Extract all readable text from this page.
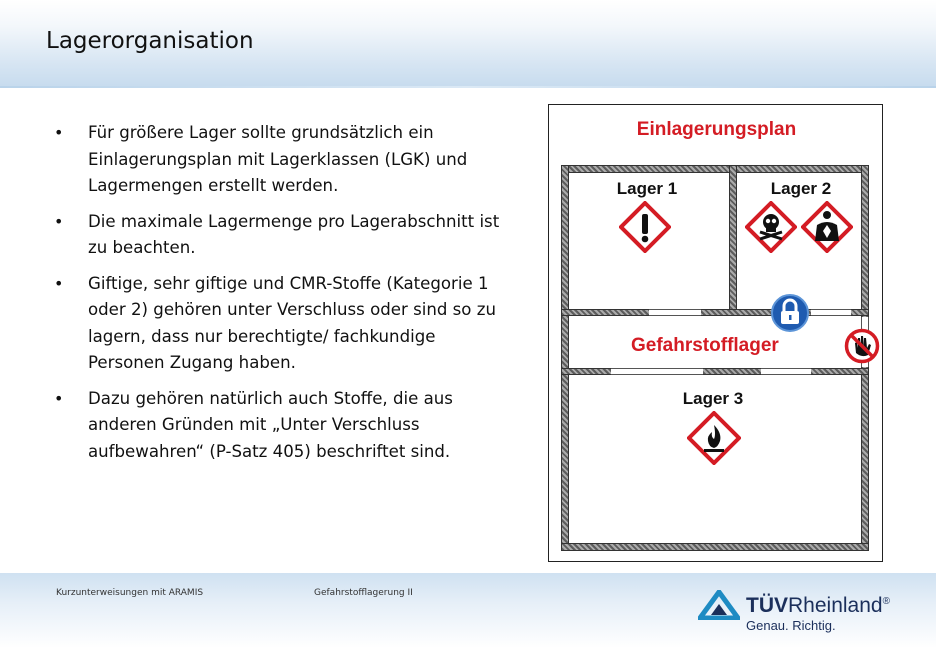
Lagerorganisation
• Für größere Lager sollte grundsätzlich ein Einlagerungsplan mit Lagerklassen (LGK) und Lagermengen erstellt werden.
• Die maximale Lagermenge pro Lagerabschnitt ist zu beachten.
• Giftige, sehr giftige und CMR-Stoffe (Kategorie 1 oder 2) gehören unter Verschluss oder sind so zu lagern, dass nur berechtigte/ fachkundige Personen Zugang haben.
• Dazu gehören natürlich auch Stoffe, die aus anderen Gründen mit „Unter Verschluss aufbewahren“ (P-Satz 405) beschriftet sind.
Einlagerungsplan
Lager 1	Lager 2
Lager 3
Gefahrstofflager
Kurzunterweisungen mit ARAMIS	Gefahrstofflagerung II
TÜVRheinland®
Genau. Richtig.
